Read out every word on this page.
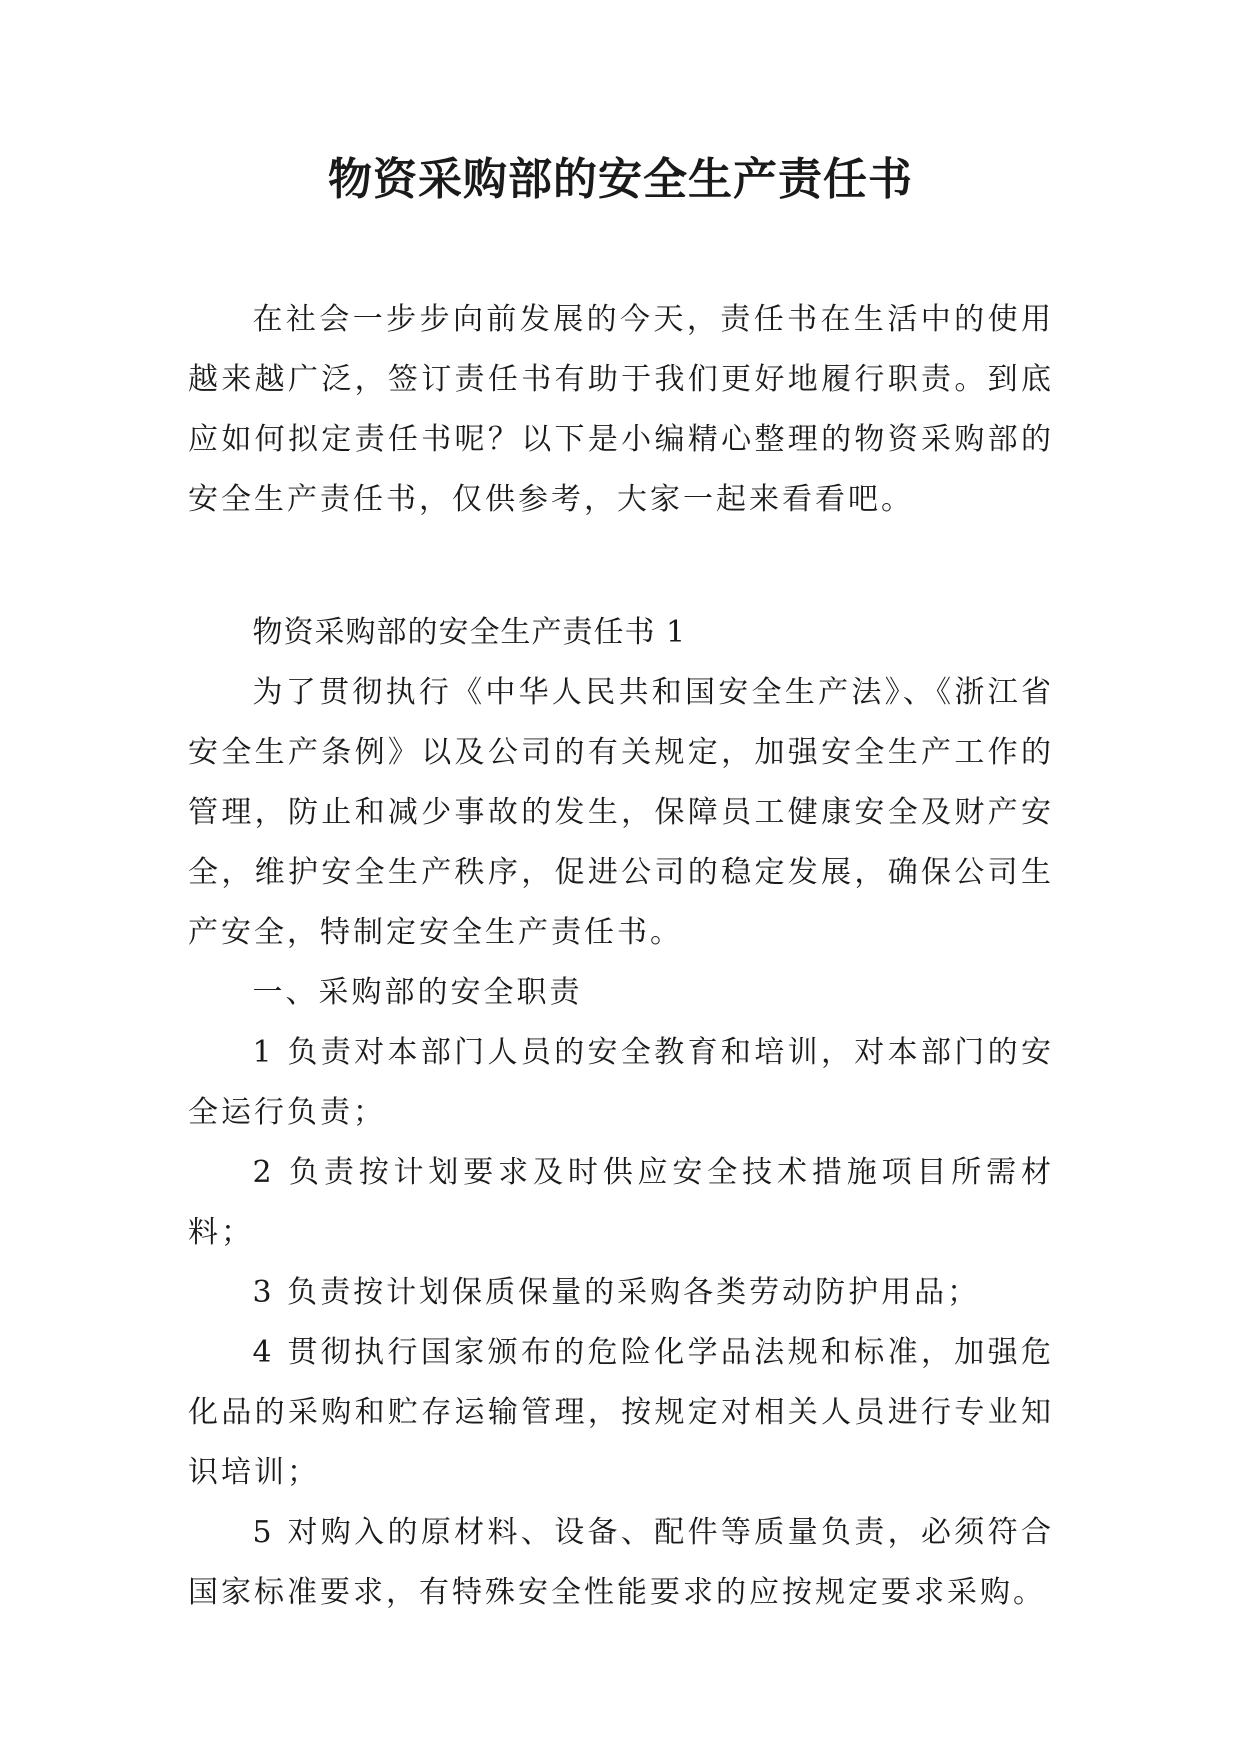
物资采购部的安全生产责任书

在社会一步步向前发展的今天，责任书在生活中的使用越来越广泛，签订责任书有助于我们更好地履行职责。到底应如何拟定责任书呢？以下是小编精心整理的物资采购部的安全生产责任书，仅供参考，大家一起来看看吧。

物资采购部的安全生产责任书 1

为了贯彻执行《中华人民共和国安全生产法》、《浙江省安全生产条例》以及公司的有关规定，加强安全生产工作的管理，防止和减少事故的发生，保障员工健康安全及财产安全，维护安全生产秩序，促进公司的稳定发展，确保公司生产安全，特制定安全生产责任书。

一、采购部的安全职责

1 负责对本部门人员的安全教育和培训，对本部门的安全运行负责；

2 负责按计划要求及时供应安全技术措施项目所需材料；

3 负责按计划保质保量的采购各类劳动防护用品；

4 贯彻执行国家颁布的危险化学品法规和标准，加强危化品的采购和贮存运输管理，按规定对相关人员进行专业知识培训；

5 对购入的原材料、设备、配件等质量负责，必须符合国家标准要求，有特殊安全性能要求的应按规定要求采购。
